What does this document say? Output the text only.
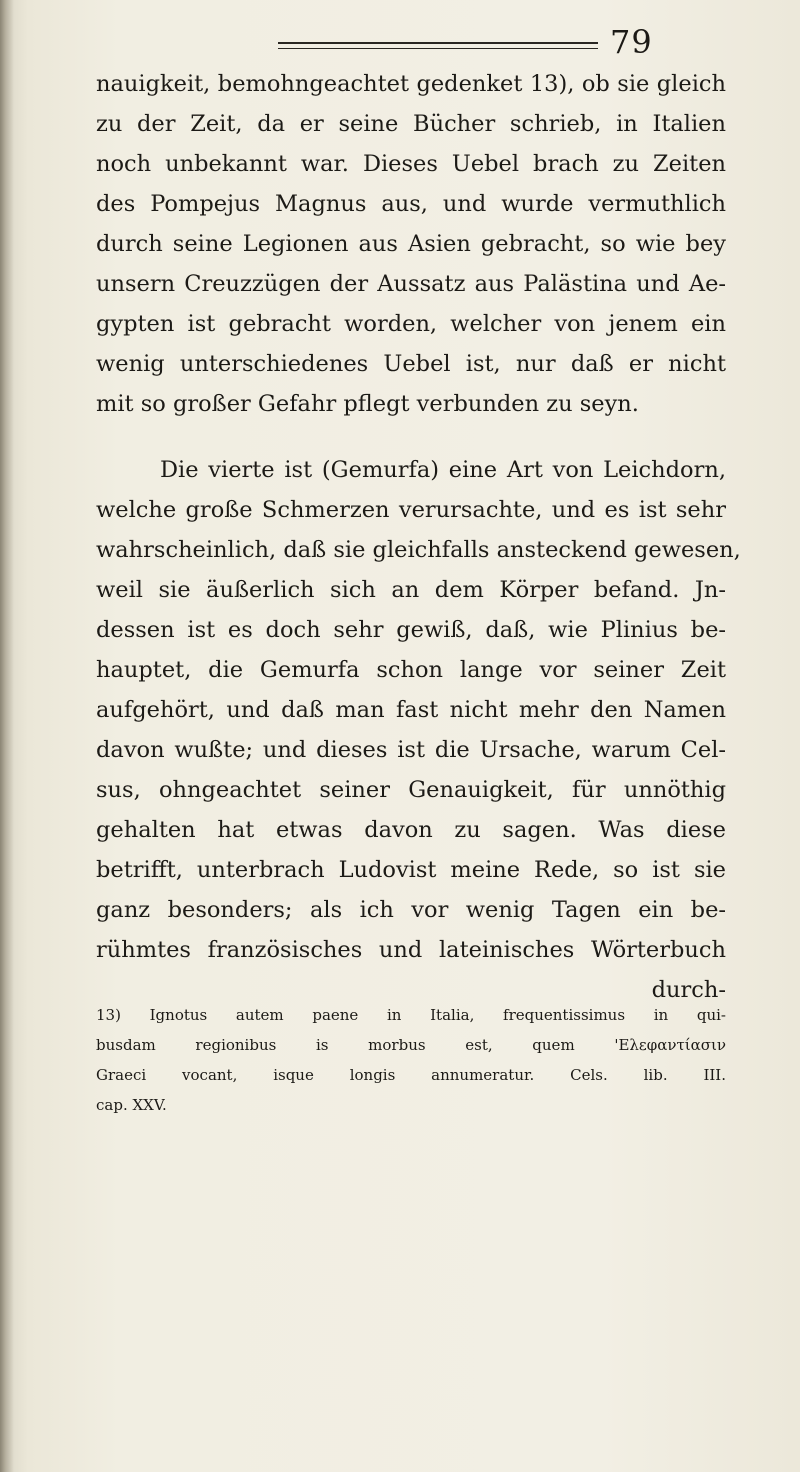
79
nauigkeit, bemohngeachtet gedenket 13), ob sie gleich
zu der Zeit, da er seine Bücher schrieb, in Italien
noch unbekannt war. Dieses Uebel brach zu Zeiten
des Pompejus Magnus aus, und wurde vermuthlich
durch seine Legionen aus Asien gebracht, so wie bey
unsern Creuzzügen der Aussatz aus Palästina und Ae-
gypten ist gebracht worden, welcher von jenem ein
wenig unterschiedenes Uebel ist, nur daß er nicht
mit so großer Gefahr pflegt verbunden zu seyn.
Die vierte ist (Gemurfa) eine Art von Leichdorn,
welche große Schmerzen verursachte, und es ist sehr
wahrscheinlich, daß sie gleichfalls ansteckend gewesen,
weil sie äußerlich sich an dem Körper befand. Jn-
dessen ist es doch sehr gewiß, daß, wie Plinius be-
hauptet, die Gemurfa schon lange vor seiner Zeit
aufgehört, und daß man fast nicht mehr den Namen
davon wußte; und dieses ist die Ursache, warum Cel-
sus, ohngeachtet seiner Genauigkeit, für unnöthig
gehalten hat etwas davon zu sagen. Was diese
betrifft, unterbrach Ludovist meine Rede, so ist sie
ganz besonders; als ich vor wenig Tagen ein be-
rühmtes französisches und lateinisches Wörterbuch
durch-
13) Ignotus autem paene in Italia, frequentissimus in qui-
busdam regionibus is morbus est, quem 'Ελεφαντίασιν
Graeci vocant, isque longis annumeratur. Cels. lib. III.
cap. XXV.
